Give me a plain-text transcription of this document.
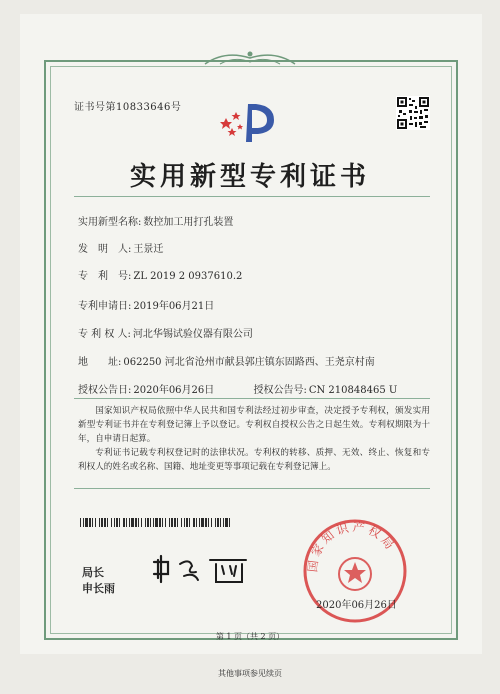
证书号第10833646号
实用新型专利证书
实用新型名称: 数控加工用打孔装置
发　明　人: 王景迁
专　利　号: ZL 2019 2 0937610.2
专利申请日: 2019年06月21日
专 利 权 人: 河北华锡试验仪器有限公司
地　　址: 062250 河北省沧州市献县郭庄镇东固路西、王尧京村南
授权公告日: 2020年06月26日	授权公告号: CN 210848465 U
国家知识产权局依照中华人民共和国专利法经过初步审查，决定授予专利权，颁发实用新型专利证书并在专利登记簿上予以登记。专利权自授权公告之日起生效。专利权期限为十年，自申请日起算。
专利证书记载专利权登记时的法律状况。专利权的转移、质押、无效、终止、恢复和专利权人的姓名或名称、国籍、地址变更等事项记载在专利登记簿上。
局长
申长雨
国家知识产权局
2020年06月26日
第 1 页（共 2 页）
其他事项参见续页
